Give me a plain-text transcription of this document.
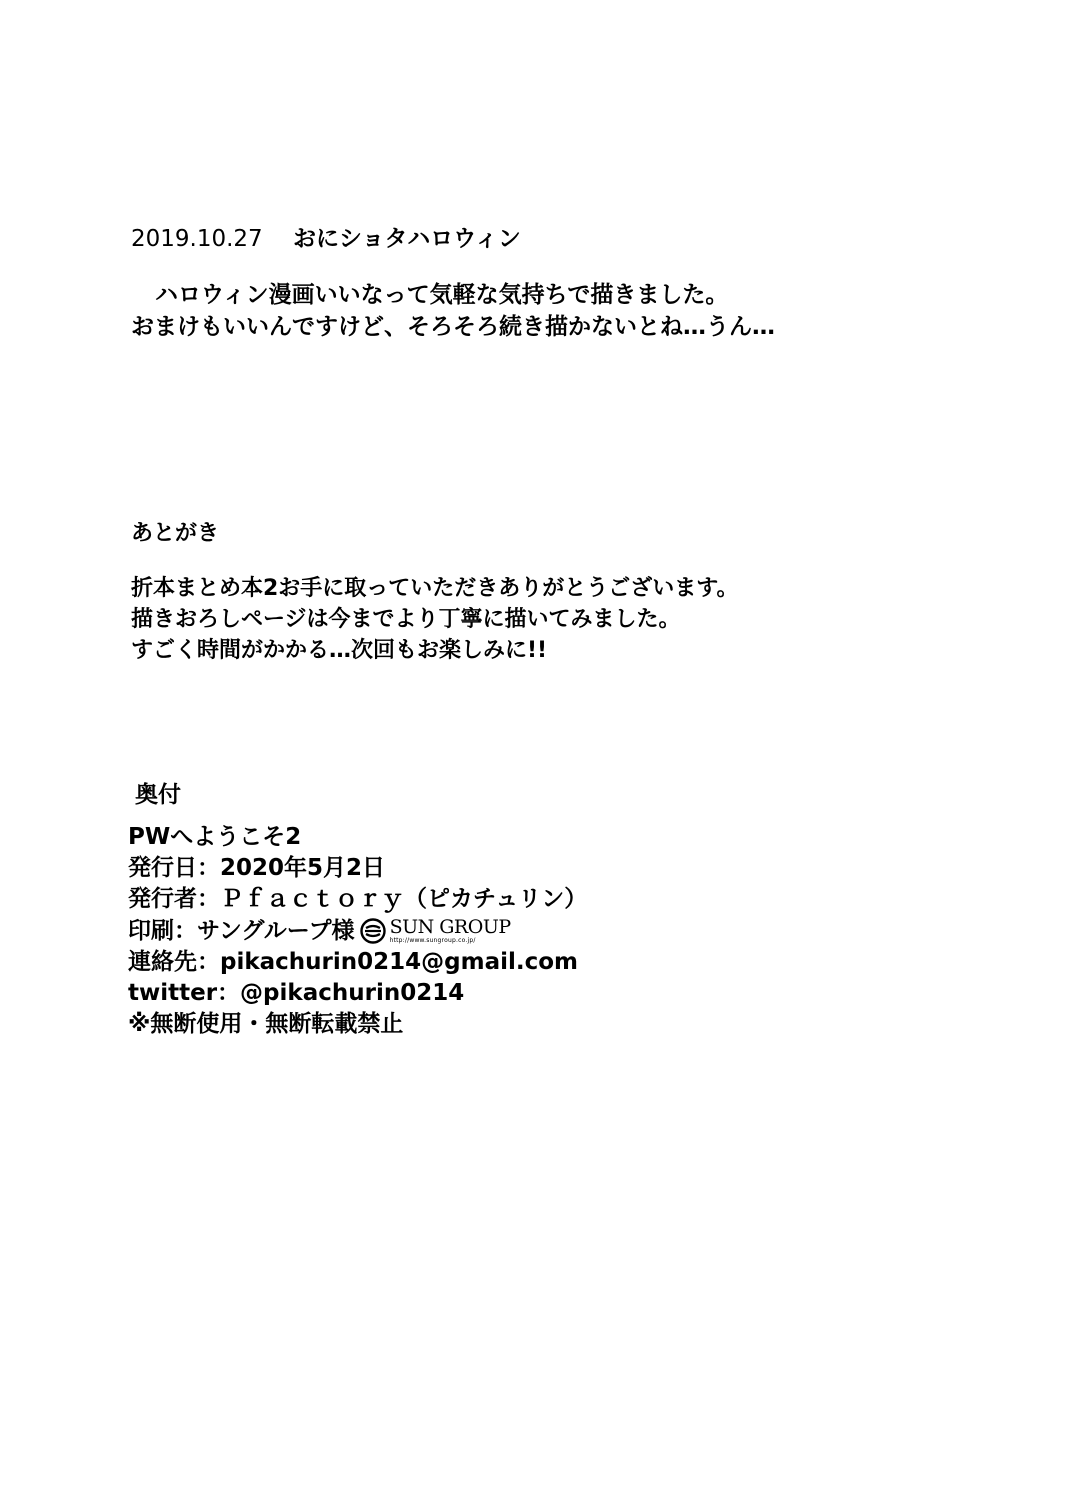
2019.10.27 おにショタハロウィン
ハロウィン漫画いいなって気軽な気持ちで描きました。
おまけもいいんですけど、そろそろ続き描かないとね…うん…
あとがき
折本まとめ本2お手に取っていただきありがとうございます。
描きおろしページは今までより丁寧に描いてみました。
すごく時間がかかる…次回もお楽しみに!!
奥付
PWへようこそ2
発行日：2020年5月2日
発行者：Ｐｆａｃｔｏｒｙ（ピカチュリン）
印刷：サングループ様 SUN GROUP
http://www.sungroup.co.jp/
連絡先：pikachurin0214@gmail.com
twitter：@pikachurin0214
※無断使用・無断転載禁止
